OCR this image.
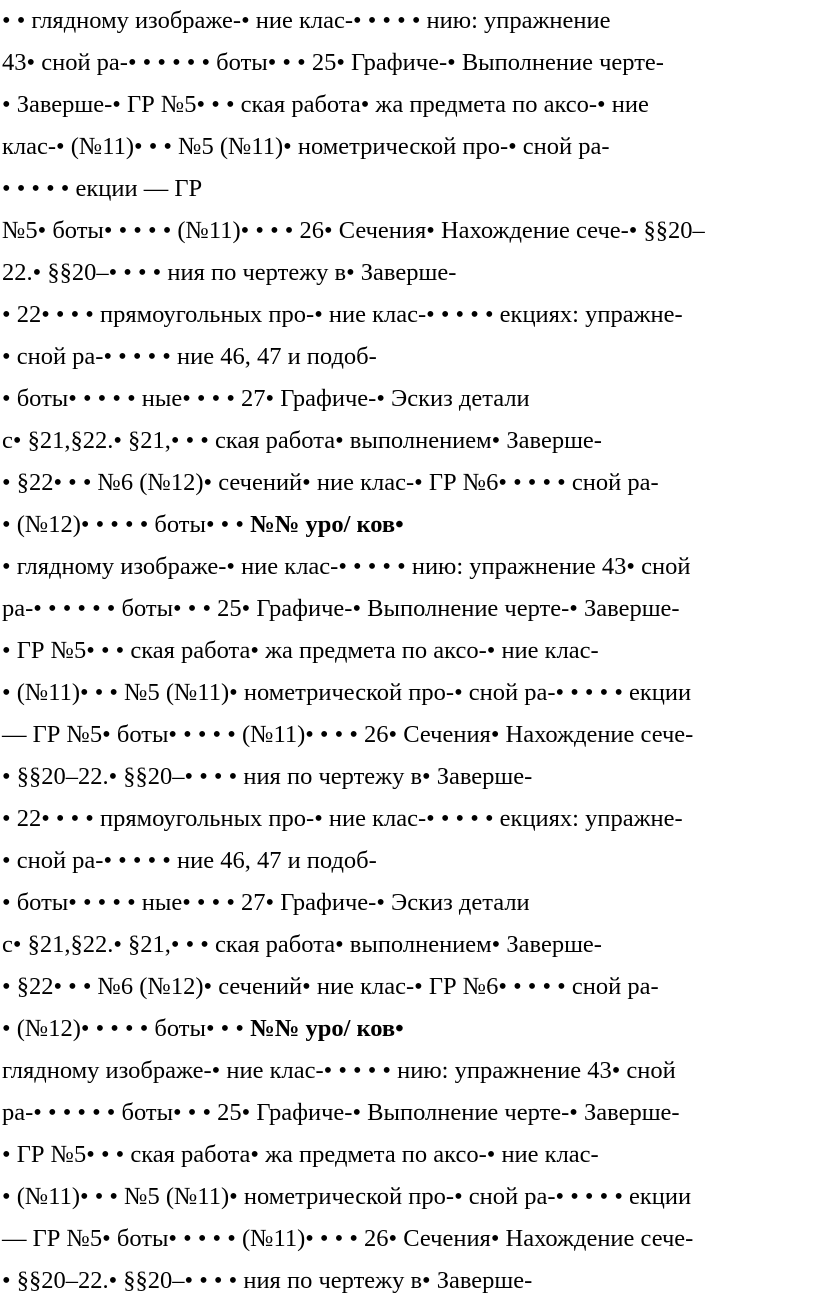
• • глядному изображе-• ние клас-• • • • • нию: упражнение
43• сной ра-• • • • • • боты• • • 25• Графиче-• Выполнение черте-
• Заверше-• ГР №5• • • ская работа• жа предмета по аксо-• ние
клас-• (№11)• • • №5 (№11)• нометрической про-• сной ра-
• • • • • екции — ГР
№5• боты• • • • • (№11)• • • • 26• Сечения• Нахождение сече-• §§20–
22.• §§20–• • • • ния по чертежу в• Заверше-
• 22• • • • прямоугольных про-• ние клас-• • • • • екциях: упражне-
• сной ра-• • • • • ние 46, 47 и подоб-
• боты• • • • • ные• • • • 27• Графиче-• Эскиз детали
с• §21,§22.• §21,• • • ская работа• выполнением• Заверше-
• §22• • • №6 (№12)• сечений• ние клас-• ГР №6• • • • • сной ра-
• (№12)• • • • • боты• • • №№ уро/ ков•
• глядному изображе-• ние клас-• • • • • нию: упражнение 43• сной
ра-• • • • • • боты• • • 25• Графиче-• Выполнение черте-• Заверше-
• ГР №5• • • ская работа• жа предмета по аксо-• ние клас-
• (№11)• • • №5 (№11)• нометрической про-• сной ра-• • • • • екции
— ГР №5• боты• • • • • (№11)• • • • 26• Сечения• Нахождение сече-
• §§20–22.• §§20–• • • • ния по чертежу в• Заверше-
• 22• • • • прямоугольных про-• ние клас-• • • • • екциях: упражне-
• сной ра-• • • • • ние 46, 47 и подоб-
• боты• • • • • ные• • • • 27• Графиче-• Эскиз детали
с• §21,§22.• §21,• • • ская работа• выполнением• Заверше-
• §22• • • №6 (№12)• сечений• ние клас-• ГР №6• • • • • сной ра-
• (№12)• • • • • боты• • • №№ уро/ ков•
глядному изображе-• ние клас-• • • • • нию: упражнение 43• сной
ра-• • • • • • боты• • • 25• Графиче-• Выполнение черте-• Заверше-
• ГР №5• • • ская работа• жа предмета по аксо-• ние клас-
• (№11)• • • №5 (№11)• нометрической про-• сной ра-• • • • • екции
— ГР №5• боты• • • • • (№11)• • • • 26• Сечения• Нахождение сече-
• §§20–22.• §§20–• • • • ния по чертежу в• Заверше-
